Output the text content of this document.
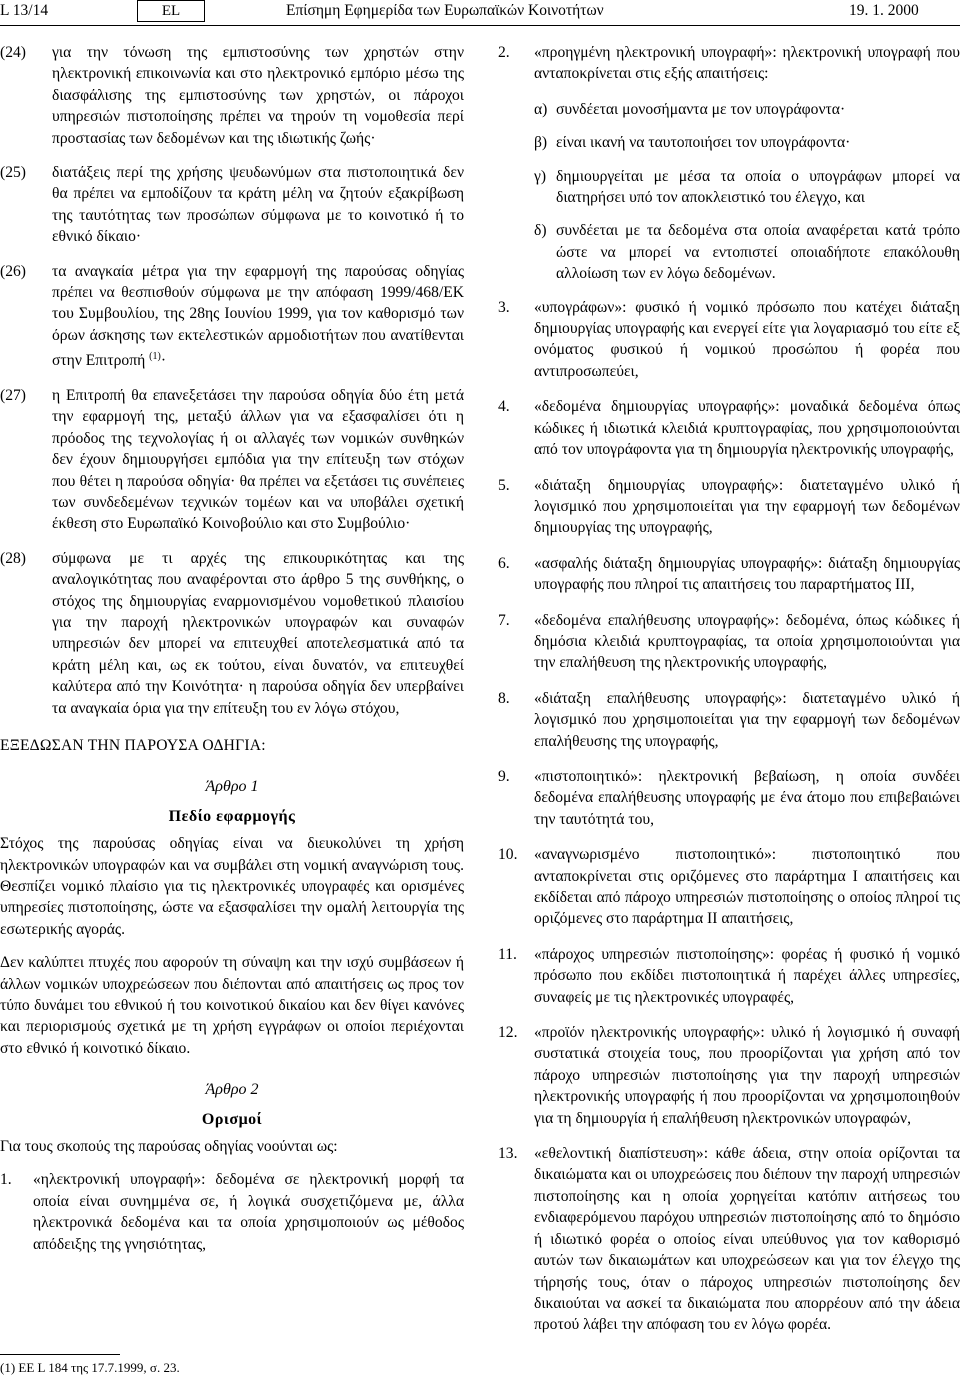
L 13/14	EL	Επίσημη Εφημερίδα των Ευρωπαϊκών Κοινοτήτων	19. 1. 2000
(24)	για την τόνωση της εμπιστοσύνης των χρηστών στην ηλεκτρονική επικοινωνία και στο ηλεκτρονικό εμπόριο μέσω της διασφάλισης της εμπιστοσύνης των χρηστών, οι πάροχοι υπηρεσιών πιστοποίησης πρέπει να τηρούν τη νομοθεσία περί προστασίας των δεδομένων και της ιδιωτικής ζωής·
(25)	διατάξεις περί της χρήσης ψευδωνύμων στα πιστοποιητικά δεν θα πρέπει να εμποδίζουν τα κράτη μέλη να ζητούν εξακρίβωση της ταυτότητας των προσώπων σύμφωνα με το κοινοτικό ή το εθνικό δίκαιο·
(26)	τα αναγκαία μέτρα για την εφαρμογή της παρούσας οδηγίας πρέπει να θεσπισθούν σύμφωνα με την απόφαση 1999/468/ΕΚ του Συμβουλίου, της 28ης Ιουνίου 1999, για τον καθορισμό των όρων άσκησης των εκτελεστικών αρμοδιοτήτων που ανατίθενται στην Επιτροπή $^{(1)}$·
(27)	η Επιτροπή θα επανεξετάσει την παρούσα οδηγία δύο έτη μετά την εφαρμογή της, μεταξύ άλλων για να εξασφαλίσει ότι η πρόοδος της τεχνολογίας ή οι αλλαγές των νομικών συνθηκών δεν έχουν δημιουργήσει εμπόδια για την επίτευξη των στόχων που θέτει η παρούσα οδηγία· θα πρέπει να εξετάσει τις συνέπειες των συνδεδεμένων τεχνικών τομέων και να υποβάλει σχετική έκθεση στο Ευρωπαϊκό Κοινοβούλιο και στο Συμβούλιο·
(28)	σύμφωνα με τι αρχές της επικουρικότητας και της αναλογικότητας που αναφέρονται στο άρθρο 5 της συνθήκης, ο στόχος της δημιουργίας εναρμονισμένου νομοθετικού πλαισίου για την παροχή ηλεκτρονικών υπογραφών και συναφών υπηρεσιών δεν μπορεί να επιτευχθεί αποτελεσματικά από τα κράτη μέλη και, ως εκ τούτου, είναι δυνατόν, να επιτευχθεί καλύτερα από την Κοινότητα· η παρούσα οδηγία δεν υπερβαίνει τα αναγκαία όρια για την επίτευξη του εν λόγω στόχου,
ΕΞΕΔΩΣΑΝ ΤΗΝ ΠΑΡΟΥΣΑ ΟΔΗΓΙΑ:
Άρθρο 1
Πεδίο εφαρμογής

Στόχος της παρούσας οδηγίας είναι να διευκολύνει τη χρήση ηλεκτρονικών υπογραφών και να συμβάλει στη νομική αναγνώριση τους. Θεσπίζει νομικό πλαίσιο για τις ηλεκτρονικές υπογραφές και ορισμένες υπηρεσίες πιστοποίησης, ώστε να εξασφαλίσει την ομαλή λειτουργία της εσωτερικής αγοράς.

Δεν καλύπτει πτυχές που αφορούν τη σύναψη και την ισχύ συμβάσεων ή άλλων νομικών υποχρεώσεων που διέπονται από απαιτήσεις ως προς τον τύπο δυνάμει του εθνικού ή του κοινοτικού δικαίου και δεν θίγει κανόνες και περιορισμούς σχετικά με τη χρήση εγγράφων οι οποίοι περιέχονται στο εθνικό ή κοινοτικό δίκαιο.

Άρθρο 2
Ορισμοί

Για τους σκοπούς της παρούσας οδηγίας νοούνται ως:

1.	«ηλεκτρονική υπογραφή»: δεδομένα σε ηλεκτρονική μορφή τα οποία είναι συνημμένα σε, ή λογικά συσχετιζόμενα με, άλλα ηλεκτρονικά δεδομένα και τα οποία χρησιμοποιούν ως μέθοδος απόδειξης της γνησιότητας,
2.	«προηγμένη ηλεκτρονική υπογραφή»: ηλεκτρονική υπογραφή που ανταποκρίνεται στις εξής απαιτήσεις:
α) συνδέεται μονοσήμαντα με τον υπογράφοντα·
β) είναι ικανή να ταυτοποιήσει τον υπογράφοντα·
γ) δημιουργείται με μέσα τα οποία ο υπογράφων μπορεί να διατηρήσει υπό τον αποκλειστικό του έλεγχο, και
δ) συνδέεται με τα δεδομένα στα οποία αναφέρεται κατά τρόπο ώστε να μπορεί να εντοπιστεί οποιαδήποτε επακόλουθη αλλοίωση των εν λόγω δεδομένων.
3.	«υπογράφων»: φυσικό ή νομικό πρόσωπο που κατέχει διάταξη δημιουργίας υπογραφής και ενεργεί είτε για λογαριασμό του είτε εξ ονόματος φυσικού ή νομικού προσώπου ή φορέα που αντιπροσωπεύει,
4.	«δεδομένα δημιουργίας υπογραφής»: μοναδικά δεδομένα όπως κώδικες ή ιδιωτικά κλειδιά κρυπτογραφίας, που χρησιμοποιούνται από τον υπογράφοντα για τη δημιουργία ηλεκτρονικής υπογραφής,
5.	«διάταξη δημιουργίας υπογραφής»: διατεταγμένο υλικό ή λογισμικό που χρησιμοποιείται για την εφαρμογή των δεδομένων δημιουργίας της υπογραφής,
6.	«ασφαλής διάταξη δημιουργίας υπογραφής»: διάταξη δημιουργίας υπογραφής που πληροί τις απαιτήσεις του παραρτήματος III,
7.	«δεδομένα επαλήθευσης υπογραφής»: δεδομένα, όπως κώδικες ή δημόσια κλειδιά κρυπτογραφίας, τα οποία χρησιμοποιούνται για την επαλήθευση της ηλεκτρονικής υπογραφής,
8.	«διάταξη επαλήθευσης υπογραφής»: διατεταγμένο υλικό ή λογισμικό που χρησιμοποιείται για την εφαρμογή των δεδομένων επαλήθευσης της υπογραφής,
9.	«πιστοποιητικό»: ηλεκτρονική βεβαίωση, η οποία συνδέει δεδομένα επαλήθευσης υπογραφής με ένα άτομο που επιβεβαιώνει την ταυτότητά του,
10.	«αναγνωρισμένο πιστοποιητικό»: πιστοποιητικό που ανταποκρίνεται στις οριζόμενες στο παράρτημα I απαιτήσεις και εκδίδεται από πάροχο υπηρεσιών πιστοποίησης ο οποίος πληροί τις οριζόμενες στο παράρτημα II απαιτήσεις,
11.	«πάροχος υπηρεσιών πιστοποίησης»: φορέας ή φυσικό ή νομικό πρόσωπο που εκδίδει πιστοποιητικά ή παρέχει άλλες υπηρεσίες, συναφείς με τις ηλεκτρονικές υπογραφές,
12.	«προϊόν ηλεκτρονικής υπογραφής»: υλικό ή λογισμικό ή συναφή συστατικά στοιχεία τους, που προορίζονται για χρήση από τον πάροχο υπηρεσιών πιστοποίησης για την παροχή υπηρεσιών ηλεκτρονικής υπογραφής ή που προορίζονται να χρησιμοποιηθούν για τη δημιουργία ή επαλήθευση ηλεκτρονικών υπογραφών,
13.	«εθελοντική διαπίστευση»: κάθε άδεια, στην οποία ορίζονται τα δικαιώματα και οι υποχρεώσεις που διέπουν την παροχή υπηρεσιών πιστοποίησης και η οποία χορηγείται κατόπιν αιτήσεως του ενδιαφερόμενου παρόχου υπηρεσιών πιστοποίησης από το δημόσιο ή ιδιωτικό φορέα ο οποίος είναι υπεύθυνος για τον καθορισμό αυτών των δικαιωμάτων και υποχρεώσεων και για τον έλεγχο της τήρησής τους, όταν ο πάροχος υπηρεσιών πιστοποίησης δεν δικαιούται να ασκεί τα δικαιώματα που απορρέουν από την άδεια προτού λάβει την απόφαση του εν λόγω φορέα.
(1) ΕΕ L 184 της 17.7.1999, σ. 23.
